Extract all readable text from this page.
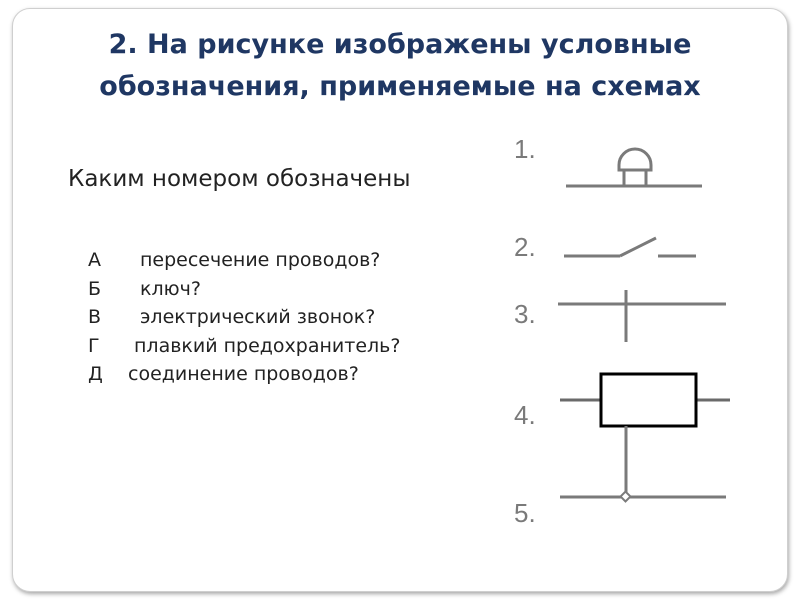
2. На рисунке изображены условные
обозначения, применяемые на схемах
Каким номером обозначены
А пересечение проводов?
Б ключ?
В электрический звонок?
Г плавкий предохранитель?
Д соединение проводов?
1.
2.
3.
4.
5.
